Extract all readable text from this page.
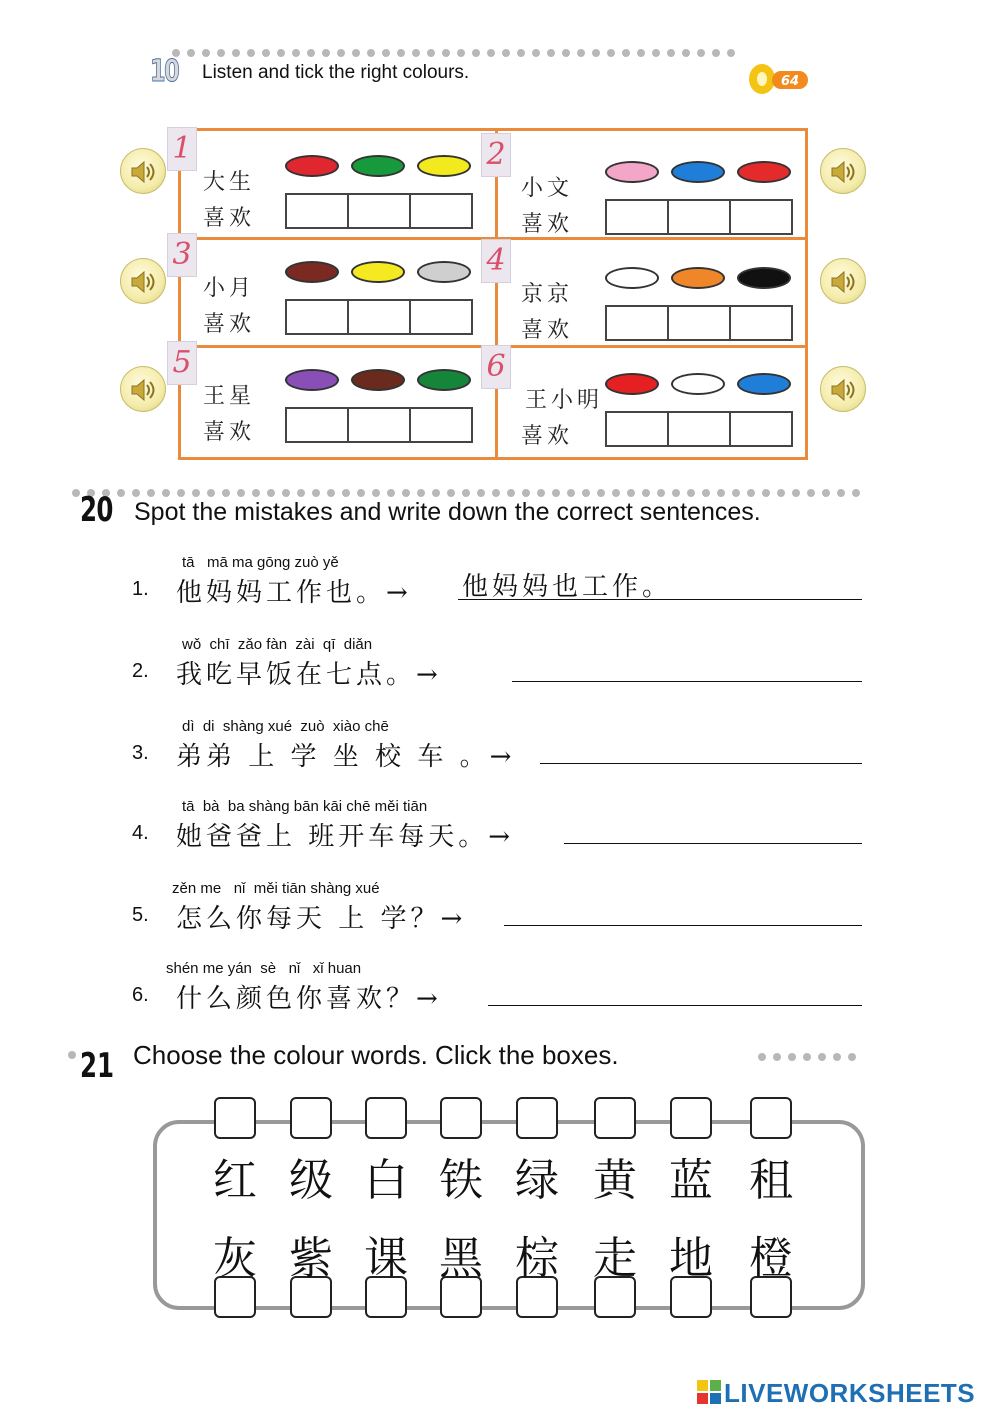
10 Listen and tick the right colours.	64
1
大生
喜欢
2
小文
喜欢
3
小月
喜欢
4
京京
喜欢
5
王星
喜欢
6
王小明
喜欢
20 Spot the mistakes and write down the correct sentences.
tā   mā ma gōng zuò yě
1. 他妈妈工作也。→
他妈妈也工作。
wǒ  chī  zǎo fàn  zài  qī  diǎn
2. 我吃早饭在七点。→
dì  di  shàng xué  zuò  xiào chē
3. 弟弟 上 学 坐 校 车 。→
tā  bà  ba shàng bān kāi chē měi tiān
4. 她爸爸上 班开车每天。→
zěn me   nǐ  měi tiān shàng xué
5. 怎么你每天 上 学？→
shén me yán  sè   nǐ   xǐ huan
6. 什么颜色你喜欢？→
21 Choose the colour words. Click the boxes.
红 级 白 铁 绿 黄 蓝 租
灰 紫 课 黑 棕 走 地 橙
LIVEWORKSHEETS
